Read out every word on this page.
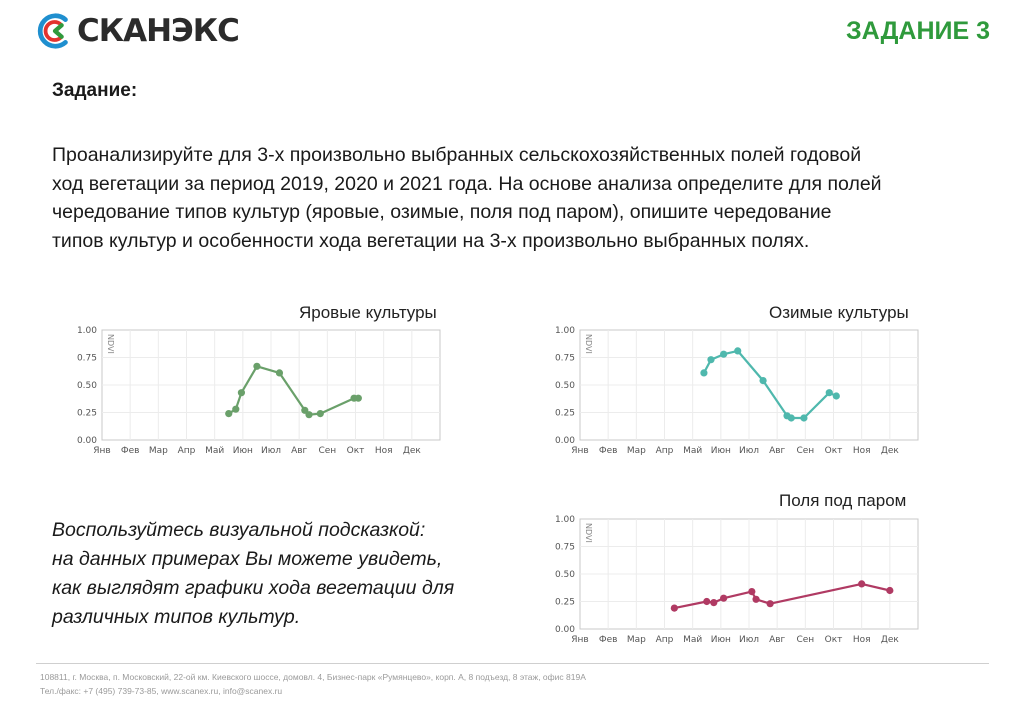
СКАНЭКС	ЗАДАНИЕ 3
Задание:
Проанализируйте для 3-х произвольно выбранных сельскохозяйственных полей годовой
ход вегетации за период 2019, 2020 и 2021 года. На основе анализа определите для полей
чередование типов культур (яровые, озимые, поля под паром), опишите чередование
типов культур и особенности хода вегетации на 3-х произвольно выбранных полях.
Яровые культуры
0.00
0.25
0.50
0.75
1.00
Янв Фев Мар Апр Май Июн Июл Авг Сен Окт Ноя Дек
NDVI
Озимые культуры
0.00
0.25
0.50
0.75
1.00
Янв Фев Мар Апр Май Июн Июл Авг Сен Окт Ноя Дек
NDVI
Поля под паром
0.00
0.25
0.50
0.75
1.00
Янв Фев Мар Апр Май Июн Июл Авг Сен Окт Ноя Дек
NDVI
Воспользуйтесь визуальной подсказкой:
на данных примерах Вы можете увидеть,
как выглядят графики хода вегетации для
различных типов культур.
108811, г. Москва, п. Московский, 22-ой км. Киевского шоссе, домовл. 4, Бизнес-парк «Румянцево», корп. А, 8 подъезд, 8 этаж, офис 819А
Тел./факс: +7 (495) 739-73-85, www.scanex.ru, info@scanex.ru
